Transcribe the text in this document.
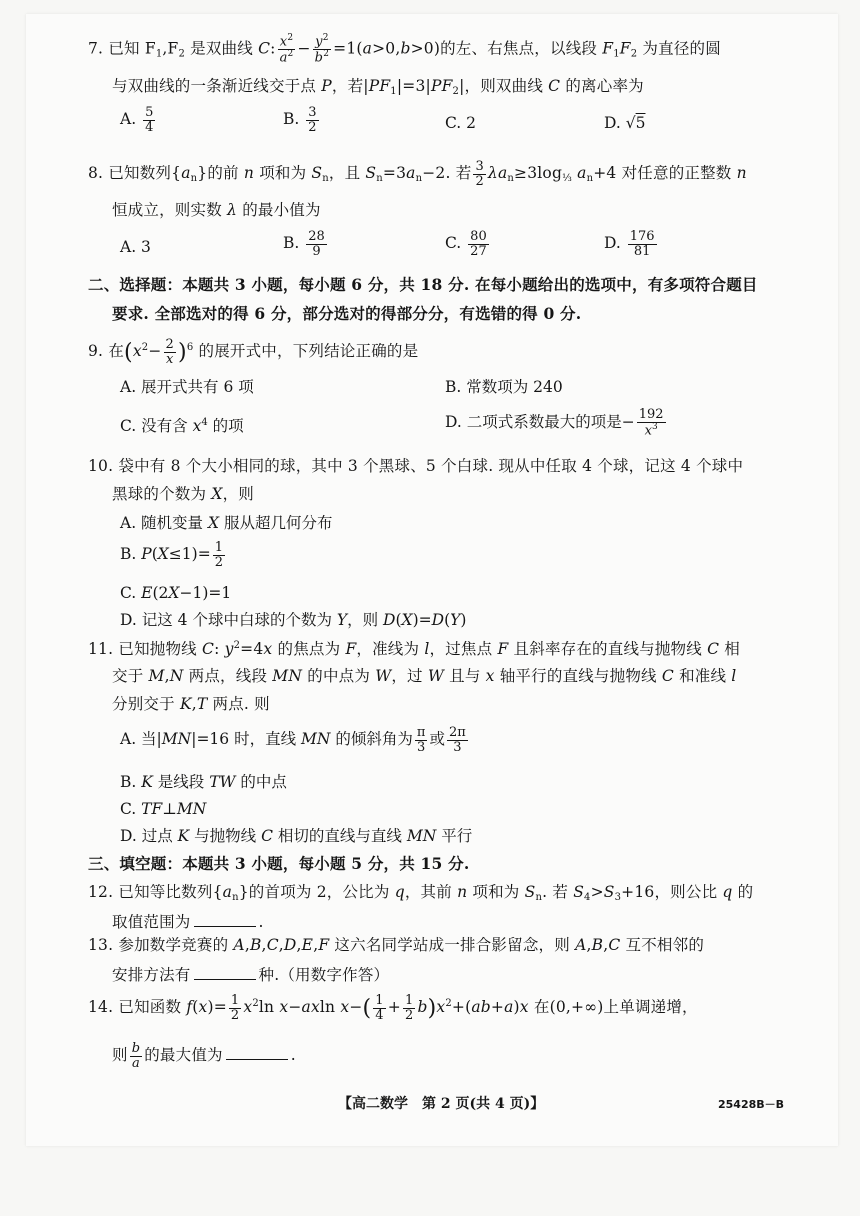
7. 已知 $F_1,F_2$ 是双曲线 C: $\frac{x^2}{a^2} - \frac{y^2}{b^2} =1(a>0,b>0)$的左、右焦点，以线段 $F_1F_2$ 为直径的圆
与双曲线的一条渐近线交于点 P，若$|PF_1|=3|PF_2|$，则双曲线 C 的离心率为
A. $\frac{5}{4}$	B. $\frac{3}{2}$	C. 2	D. √5
8. 已知数列$\{a_n\}$的前 n 项和为 $S_n$，且 $S_n=3a_n-2$. 若 $\frac{3}{2} \lambda a_n\ge 3\log_{\frac{1}{3}}$ $a_n+4$ 对任意的正整数 n
恒成立，则实数 λ 的最小值为
A. 3	B. $\frac{28}{9}$	C. $\frac{80}{27}$	D. $\frac{176}{81}$
二、选择题：本题共 3 小题，每小题 6 分，共 18 分. 在每小题给出的选项中，有多项符合题目
要求. 全部选对的得 6 分，部分选对的得部分分，有选错的得 0 分.
9. 在$(x^2- \frac{2}{x} )^6$ 的展开式中，下列结论正确的是
A. 展开式共有 6 项	B. 常数项为 240
C. 没有含 $x^4$ 的项	D. 二项式系数最大的项是− $\frac{192}{x^3}$
10. 袋中有 8 个大小相同的球，其中 3 个黑球、5 个白球. 现从中任取 4 个球，记这 4 个球中
黑球的个数为 X，则
A. 随机变量 X 服从超几何分布
B. $P(X\le 1)= \frac{1}{2}$
C. E(2X−1)=1
D. 记这 4 个球中白球的个数为 Y，则 D(X)=D(Y)
11. 已知抛物线 C: $y^2=4x$ 的焦点为 F，准线为 l，过焦点 F 且斜率存在的直线与抛物线 C 相
交于 M,N 两点，线段 MN 的中点为 W，过 W 且与 x 轴平行的直线与抛物线 C 和准线 l
分别交于 K,T 两点. 则
A. 当|MN|=16 时，直线 MN 的倾斜角为 $\frac{\pi}{3}$ 或 $\frac{2\pi}{3}$
B. K 是线段 TW 的中点
C. TF⊥MN
D. 过点 K 与抛物线 C 相切的直线与直线 MN 平行
三、填空题：本题共 3 小题，每小题 5 分，共 15 分.
12. 已知等比数列$\{a_n\}$的首项为 2，公比为 q，其前 n 项和为 $S_n$. 若 $S_4>S_3+16$，则公比 q 的
取值范围为	.
13. 参加数学竞赛的 A,B,C,D,E,F 这六名同学站成一排合影留念，则 A,B,C 互不相邻的
安排方法有	种.（用数字作答）
14. 已知函数 $f(x)= \frac{1}{2} x^2\ln$ x−axln $x-( \frac{1}{4} + \frac{1}{2} b)x^2+(ab+a)x$ 在(0,+∞)上单调递增，
则 $\frac{b}{a}$ 的最大值为	.
【高二数学　第 2 页(共 4 页)】	25428B－B
